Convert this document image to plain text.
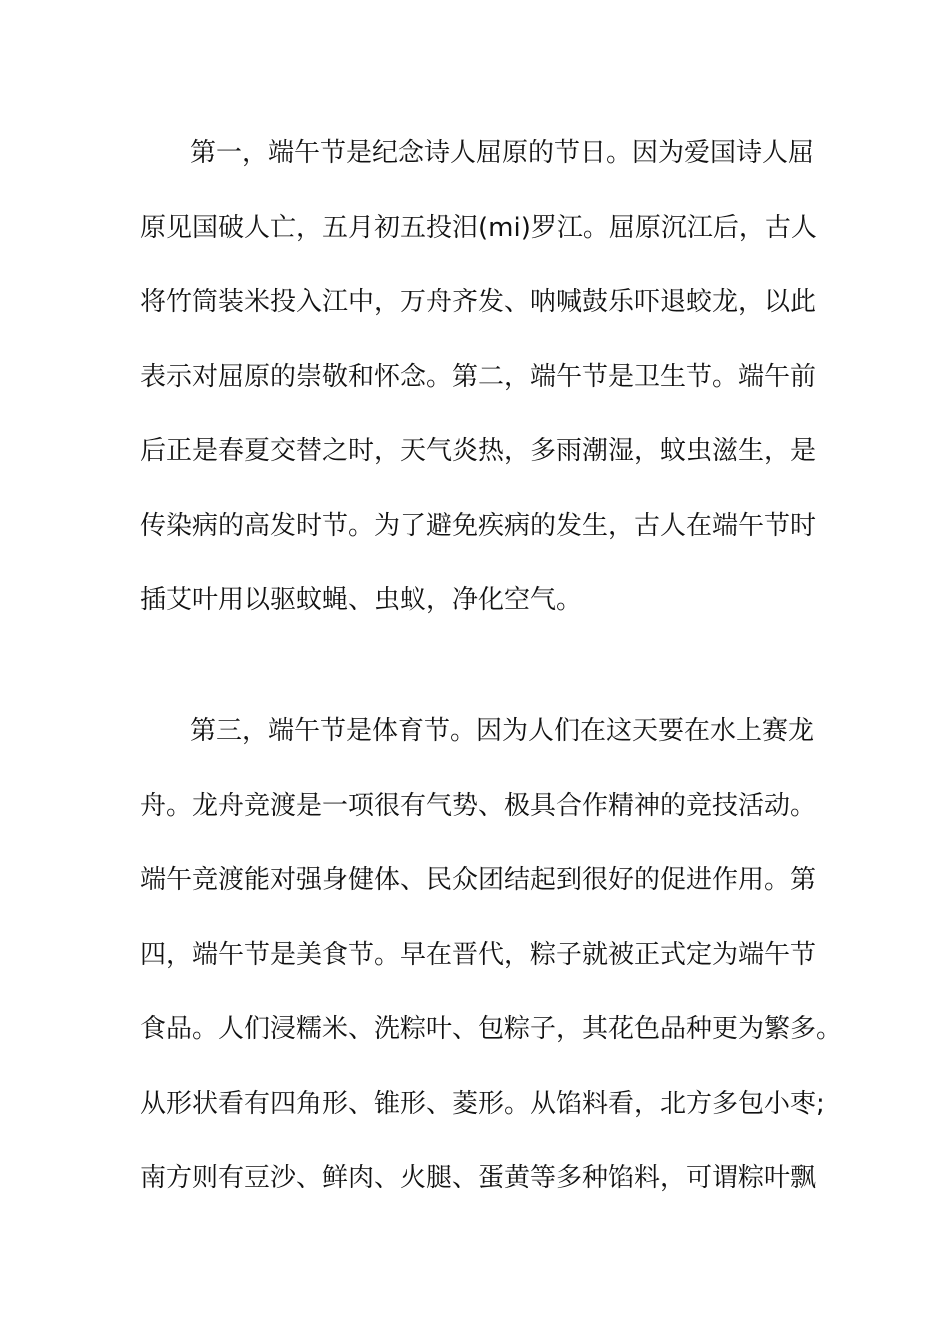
第一，端午节是纪念诗人屈原的节日。因为爱国诗人屈
原见国破人亡，五月初五投汨(mi)罗江。屈原沉江后，古人
将竹筒装米投入江中，万舟齐发、呐喊鼓乐吓退蛟龙，以此
表示对屈原的崇敬和怀念。第二，端午节是卫生节。端午前
后正是春夏交替之时，天气炎热，多雨潮湿，蚊虫滋生，是
传染病的高发时节。为了避免疾病的发生，古人在端午节时
插艾叶用以驱蚊蝇、虫蚁，净化空气。
第三，端午节是体育节。因为人们在这天要在水上赛龙
舟。龙舟竞渡是一项很有气势、极具合作精神的竞技活动。
端午竞渡能对强身健体、民众团结起到很好的促进作用。第
四，端午节是美食节。早在晋代，粽子就被正式定为端午节
食品。人们浸糯米、洗粽叶、包粽子，其花色品种更为繁多。
从形状看有四角形、锥形、菱形。从馅料看，北方多包小枣;
南方则有豆沙、鲜肉、火腿、蛋黄等多种馅料，可谓粽叶飘
